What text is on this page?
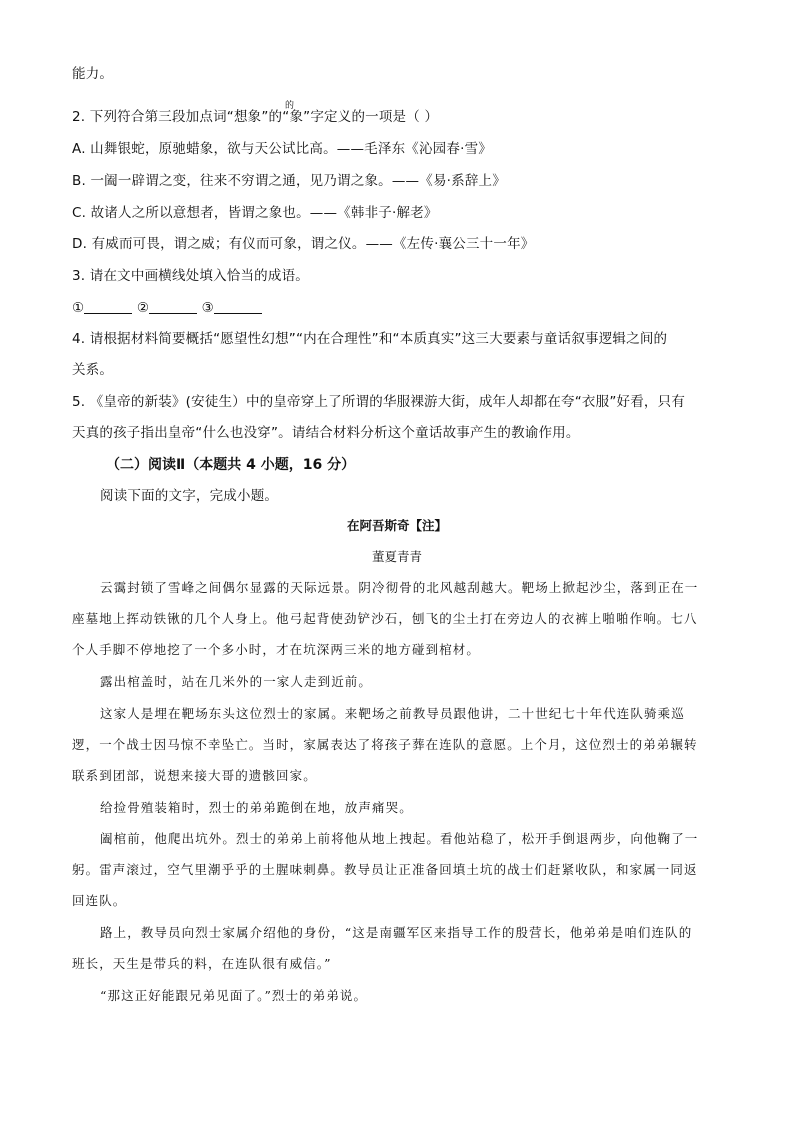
能力。
的
2. 下列符合第三段加点词“想象”的“象”字定义的一项是（ ）
A. 山舞银蛇，原驰蜡象，欲与天公试比高。——毛泽东《沁园春·雪》
B. 一阖一辟谓之变，往来不穷谓之通，见乃谓之象。——《易·系辞上》
C. 故诸人之所以意想者，皆谓之象也。——《韩非子·解老》
D. 有威而可畏，谓之威；有仪而可象，谓之仪。——《左传·襄公三十一年》
3. 请在文中画横线处填入恰当的成语。
①	②	③
4. 请根据材料简要概括“愿望性幻想”“内在合理性”和“本质真实”这三大要素与童话叙事逻辑之间的
关系。
5. 《皇帝的新装》(安徒生）中的皇帝穿上了所谓的华服裸游大街，成年人却都在夸“衣服”好看，只有
天真的孩子指出皇帝“什么也没穿”。请结合材料分析这个童话故事产生的教谕作用。
（二）阅读Ⅱ（本题共 4 小题，16 分）
阅读下面的文字，完成小题。
在阿吾斯奇【注】
董夏青青
云霭封锁了雪峰之间偶尔显露的天际远景。阴冷彻骨的北风越刮越大。靶场上掀起沙尘，落到正在一
座墓地上挥动铁锹的几个人身上。他弓起背使劲铲沙石，刨飞的尘土打在旁边人的衣裤上啪啪作响。七八
个人手脚不停地挖了一个多小时，才在坑深两三米的地方碰到棺材。
露出棺盖时，站在几米外的一家人走到近前。
这家人是埋在靶场东头这位烈士的家属。来靶场之前教导员跟他讲，二十世纪七十年代连队骑乘巡
逻，一个战士因马惊不幸坠亡。当时，家属表达了将孩子葬在连队的意愿。上个月，这位烈士的弟弟辗转
联系到团部，说想来接大哥的遗骸回家。
给捡骨殖装箱时，烈士的弟弟跪倒在地，放声痛哭。
阖棺前，他爬出坑外。烈士的弟弟上前将他从地上拽起。看他站稳了，松开手倒退两步，向他鞠了一
躬。雷声滚过，空气里潮乎乎的土腥味刺鼻。教导员让正准备回填土坑的战士们赶紧收队，和家属一同返
回连队。
路上，教导员向烈士家属介绍他的身份，“这是南疆军区来指导工作的殷营长，他弟弟是咱们连队的
班长，天生是带兵的料，在连队很有威信。”
“那这正好能跟兄弟见面了。”烈士的弟弟说。
